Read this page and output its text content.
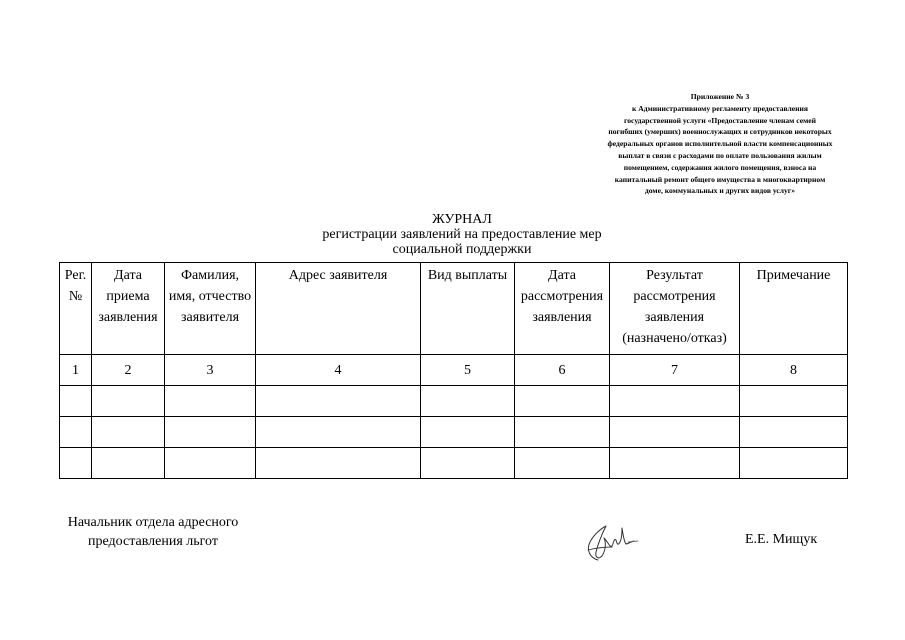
Приложение № 3
к Административному регламенту предоставления
государственной услуги «Предоставление членам семей
погибших (умерших) военнослужащих и сотрудников некоторых
федеральных органов исполнительной власти компенсационных
выплат в связи с расходами по оплате пользования жилым
помещением, содержания жилого помещения, взноса на
капитальный ремонт общего имущества в многоквартирном
доме, коммунальных и других видов услуг»
ЖУРНАЛ
регистрации заявлений на предоставление мер
социальной поддержки
Рег. №	Дата приема заявления	Фамилия, имя, отчество заявителя	Адрес заявителя	Вид выплаты	Дата рассмотрения заявления	Результат рассмотрения заявления (назначено/отказ)	Примечание
1	2	3	4	5	6	7	8

Начальник отдела адресного
предоставления льгот	Е.Е. Мищук
